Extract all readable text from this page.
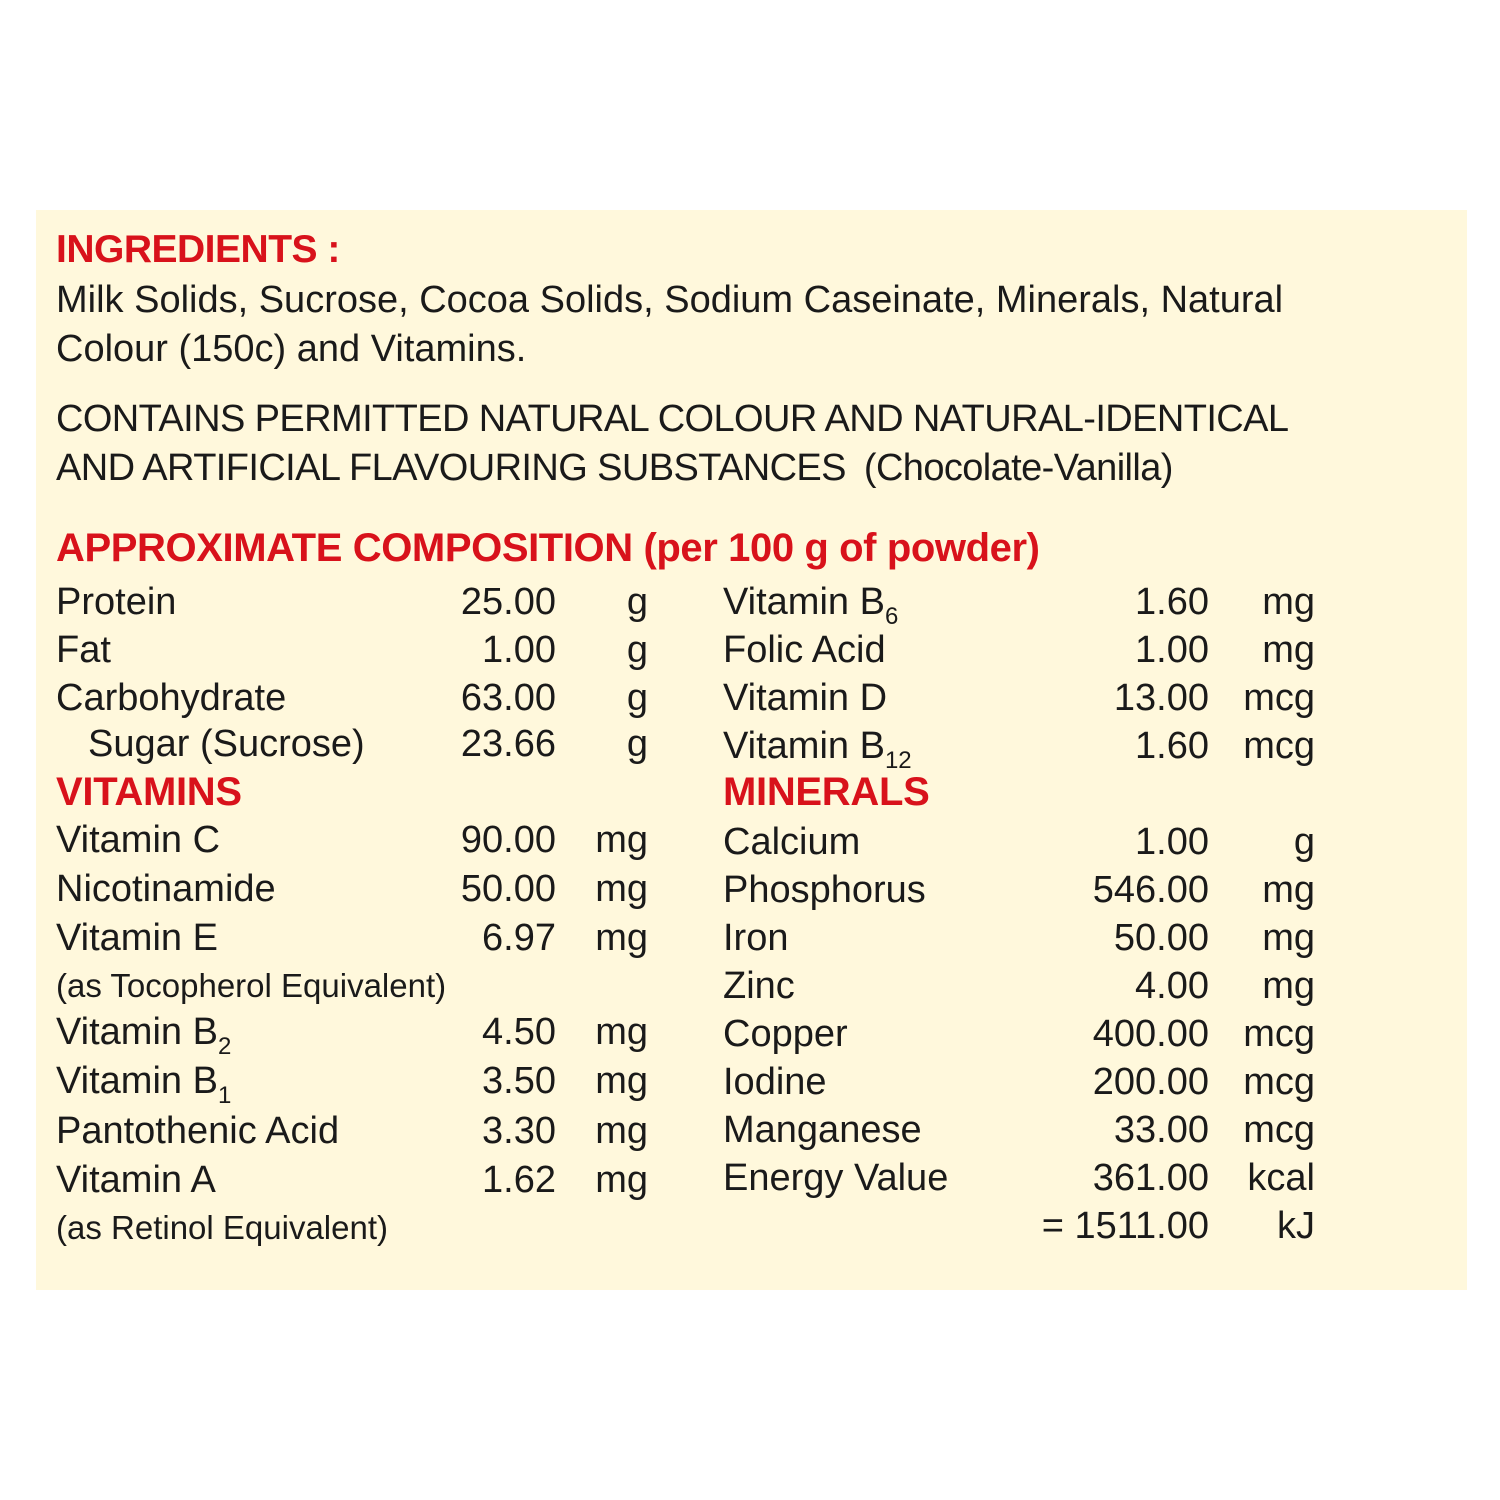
INGREDIENTS :
Milk Solids, Sucrose, Cocoa Solids, Sodium Caseinate, Minerals, Natural
Colour (150c) and Vitamins.
CONTAINS PERMITTED NATURAL COLOUR AND NATURAL-IDENTICAL
AND ARTIFICIAL FLAVOURING SUBSTANCES (Chocolate-Vanilla)
APPROXIMATE COMPOSITION (per 100 g of powder)
Protein	25.00	g
Fat	1.00	g
Carbohydrate	63.00	g
Sugar (Sucrose)	23.66	g
VITAMINS
Vitamin C	90.00	mg
Nicotinamide	50.00	mg
Vitamin E	6.97	mg
(as Tocopherol Equivalent)
Vitamin $B_2$	4.50	mg
Vitamin $B_1$	3.50	mg
Pantothenic Acid	3.30	mg
Vitamin A	1.62	mg
(as Retinol Equivalent)
Vitamin $B_6$	1.60	mg
Folic Acid	1.00	mg
Vitamin D	13.00 mcg
Vitamin $B_{12}$	1.60 mcg
MINERALS
Calcium	1.00	g
Phosphorus	546.00	mg
Iron	50.00	mg
Zinc	4.00	mg
Copper	400.00 mcg
Iodine	200.00 mcg
Manganese	33.00 mcg
Energy Value	361.00	kcal
= 1511.00	kJ
